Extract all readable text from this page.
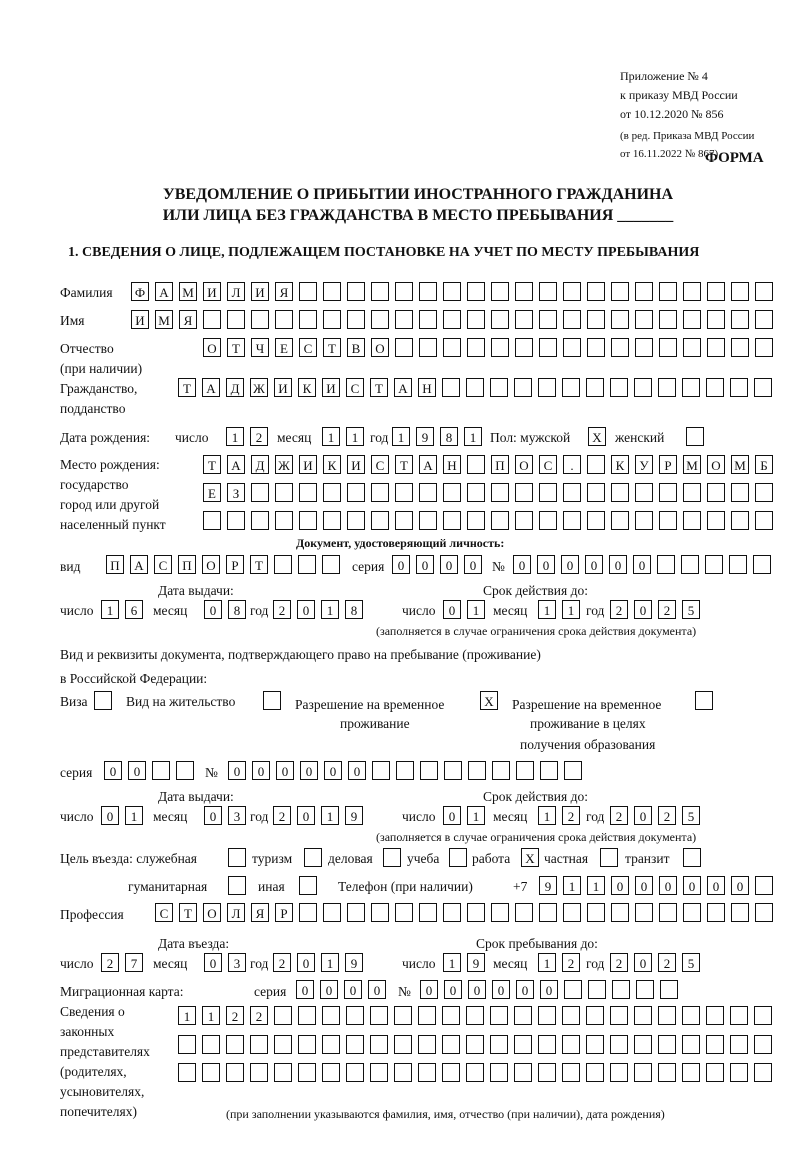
Приложение № 4
к приказу МВД России
от 10.12.2020 № 856
(в ред. Приказа МВД России
от 16.11.2022 № 867)
ФОРМА
УВЕДОМЛЕНИЕ О ПРИБЫТИИ ИНОСТРАННОГО ГРАЖДАНИНА
ИЛИ ЛИЦА БЕЗ ГРАЖДАНСТВА В МЕСТО ПРЕБЫВАНИЯ _______
1. СВЕДЕНИЯ О ЛИЦЕ, ПОДЛЕЖАЩЕМ ПОСТАНОВКЕ НА УЧЕТ ПО МЕСТУ ПРЕБЫВАНИЯ
Фамилия Ф	А	М	И	Л	И	Я
Имя	И	М	Я
Отчество
(при наличии)
О	Т	Ч	Е	С	Т	В	О
Гражданство,
подданство
Т	А	Д	Ж	И	К	И	С	Т	А	Н
Дата рождения: число	1	2	месяц	1	1 год 1	9	8	1	Пол: мужской	Х женский
Место рождения:
государство
город или другой
населенный пункт
Т	А	Д	Ж	И	К	И	С	Т	А	Н	П	О	С	.	К	У	Р	М	О	М	Б
Е	З
Документ, удостоверяющий личность:
вид	П	А	С	П	О	Р	Т	серия	0	0	0	0	№	0	0	0	0	0	0
Дата выдачи:	Срок действия до:
число	1	6	месяц	0	8 год 2	0	1	8	число	0	1	месяц	1	1 год 2	0	2	5
(заполняется в случае ограничения срока действия документа)
Вид и реквизиты документа, подтверждающего право на пребывание (проживание)
в Российской Федерации:
Виза	Вид на жительство	Разрешение на временное
проживание
Х	Разрешение на временное
проживание в целях
получения образования
серия	0	0	№	0	0	0	0	0	0
Дата выдачи:	Срок действия до:
число	0	1	месяц	0	3 год 2	0	1	9	число	0	1	месяц	1	2 год 2	0	2	5
(заполняется в случае ограничения срока действия документа)
Цель въезда: служебная	туризм	деловая	учеба работа	Х частная	транзит
гуманитарная	иная	Телефон (при наличии)	+7	9	1	1	0	0	0	0	0	0
Профессия	С	Т	О	Л	Я	Р
Дата въезда:	Срок пребывания до:
число	2	7	месяц	0	3 год 2	0	1	9	число	1	9	месяц	1	2 год 2	0	2	5
Миграционная карта:	серия	0	0	0	0	№	0	0	0	0	0	0
Сведения о
законных
представителях
(родителях,
усыновителях,
попечителях)
1	1	2	2
(при заполнении указываются фамилия, имя, отчество (при наличии), дата рождения)
